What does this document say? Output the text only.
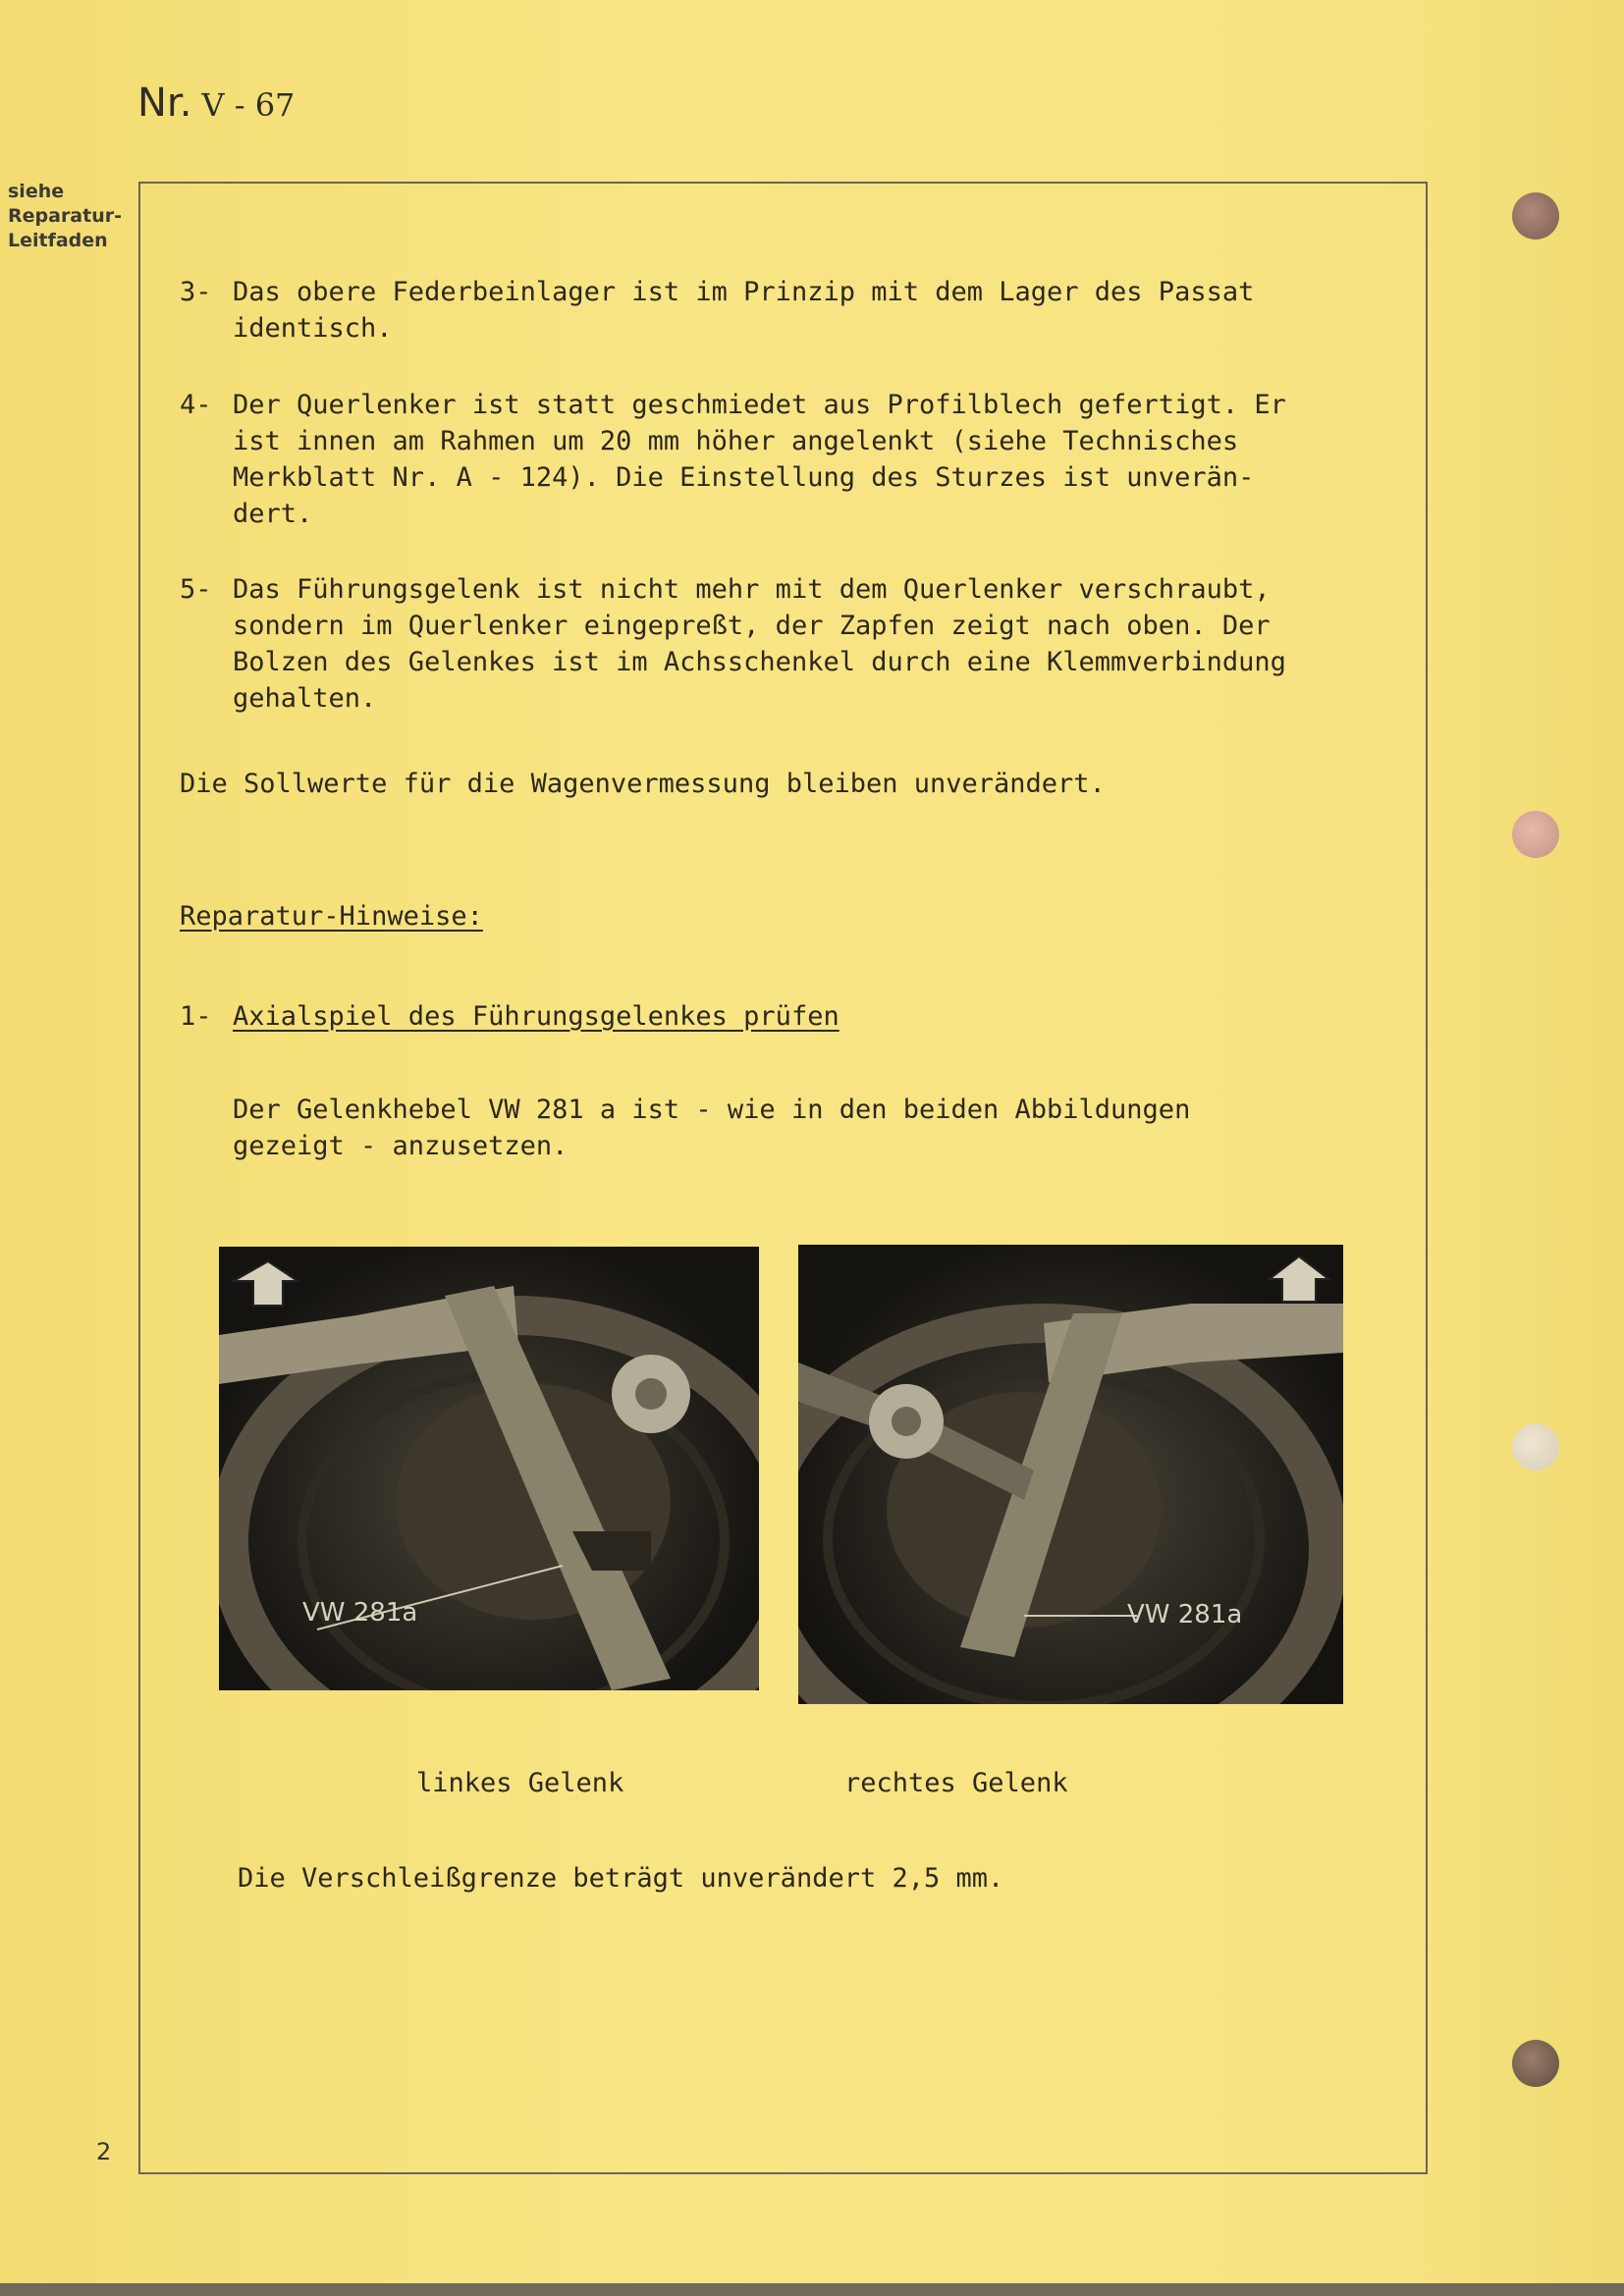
Nr. V - 67
siehe
Reparatur-
Leitfaden
3- Das obere Federbeinlager ist im Prinzip mit dem Lager des Passat
identisch.
4- Der Querlenker ist statt geschmiedet aus Profilblech gefertigt. Er
ist innen am Rahmen um 20 mm höher angelenkt (siehe Technisches
Merkblatt Nr. A - 124). Die Einstellung des Sturzes ist unverän-
dert.
5- Das Führungsgelenk ist nicht mehr mit dem Querlenker verschraubt,
sondern im Querlenker eingepreßt, der Zapfen zeigt nach oben. Der
Bolzen des Gelenkes ist im Achsschenkel durch eine Klemmverbindung
gehalten.
Die Sollwerte für die Wagenvermessung bleiben unverändert.
Reparatur-Hinweise:
1- Axialspiel des Führungsgelenkes prüfen
Der Gelenkhebel VW 281 a ist - wie in den beiden Abbildungen
gezeigt - anzusetzen.
VW 281a	VW 281a
linkes Gelenk	rechtes Gelenk
Die Verschleißgrenze beträgt unverändert 2,5 mm.
2
